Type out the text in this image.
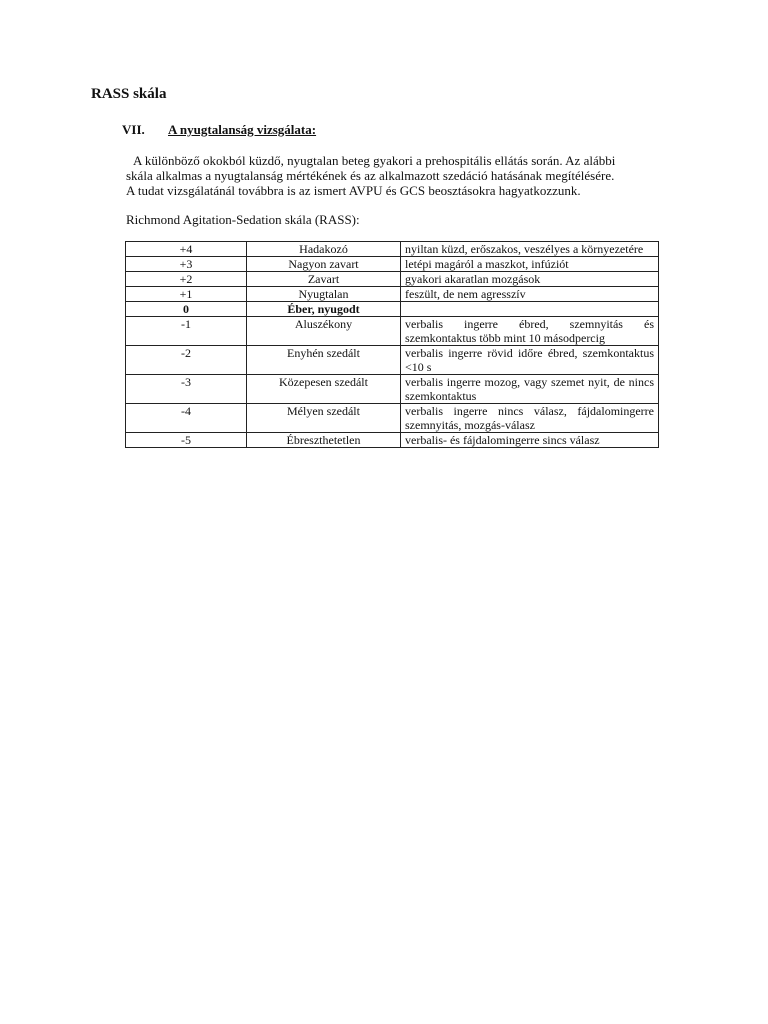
RASS skála
VII. A nyugtalanság vizsgálata:

A különböző okokból küzdő, nyugtalan beteg gyakori a prehospitális ellátás során. Az alábbi
skála alkalmas a nyugtalanság mértékének és az alkalmazott szedáció hatásának megítélésére.
A tudat vizsgálatánál továbbra is az ismert AVPU és GCS beosztásokra hagyatkozzunk.

Richmond Agitation-Sedation skála (RASS):

+4	Hadakozó	nyiltan küzd, erőszakos, veszélyes a környezetére
+3	Nagyon zavart	letépi magáról a maszkot, infúziót
+2	Zavart	gyakori akaratlan mozgások
+1	Nyugtalan	feszült, de nem agresszív
0	Éber, nyugodt	
-1	Aluszékony	verbalis ingerre ébred, szemnyitás és szemkontaktus több mint 10 másodpercig
-2	Enyhén szedált	verbalis ingerre rövid időre ébred, szemkontaktus <10 s
-3	Közepesen szedált	verbalis ingerre mozog, vagy szemet nyit, de nincs szemkontaktus
-4	Mélyen szedált	verbalis ingerre nincs válasz, fájdalomingerre szemnyitás, mozgás-válasz
-5	Ébreszthetetlen	verbalis- és fájdalomingerre sincs válasz
